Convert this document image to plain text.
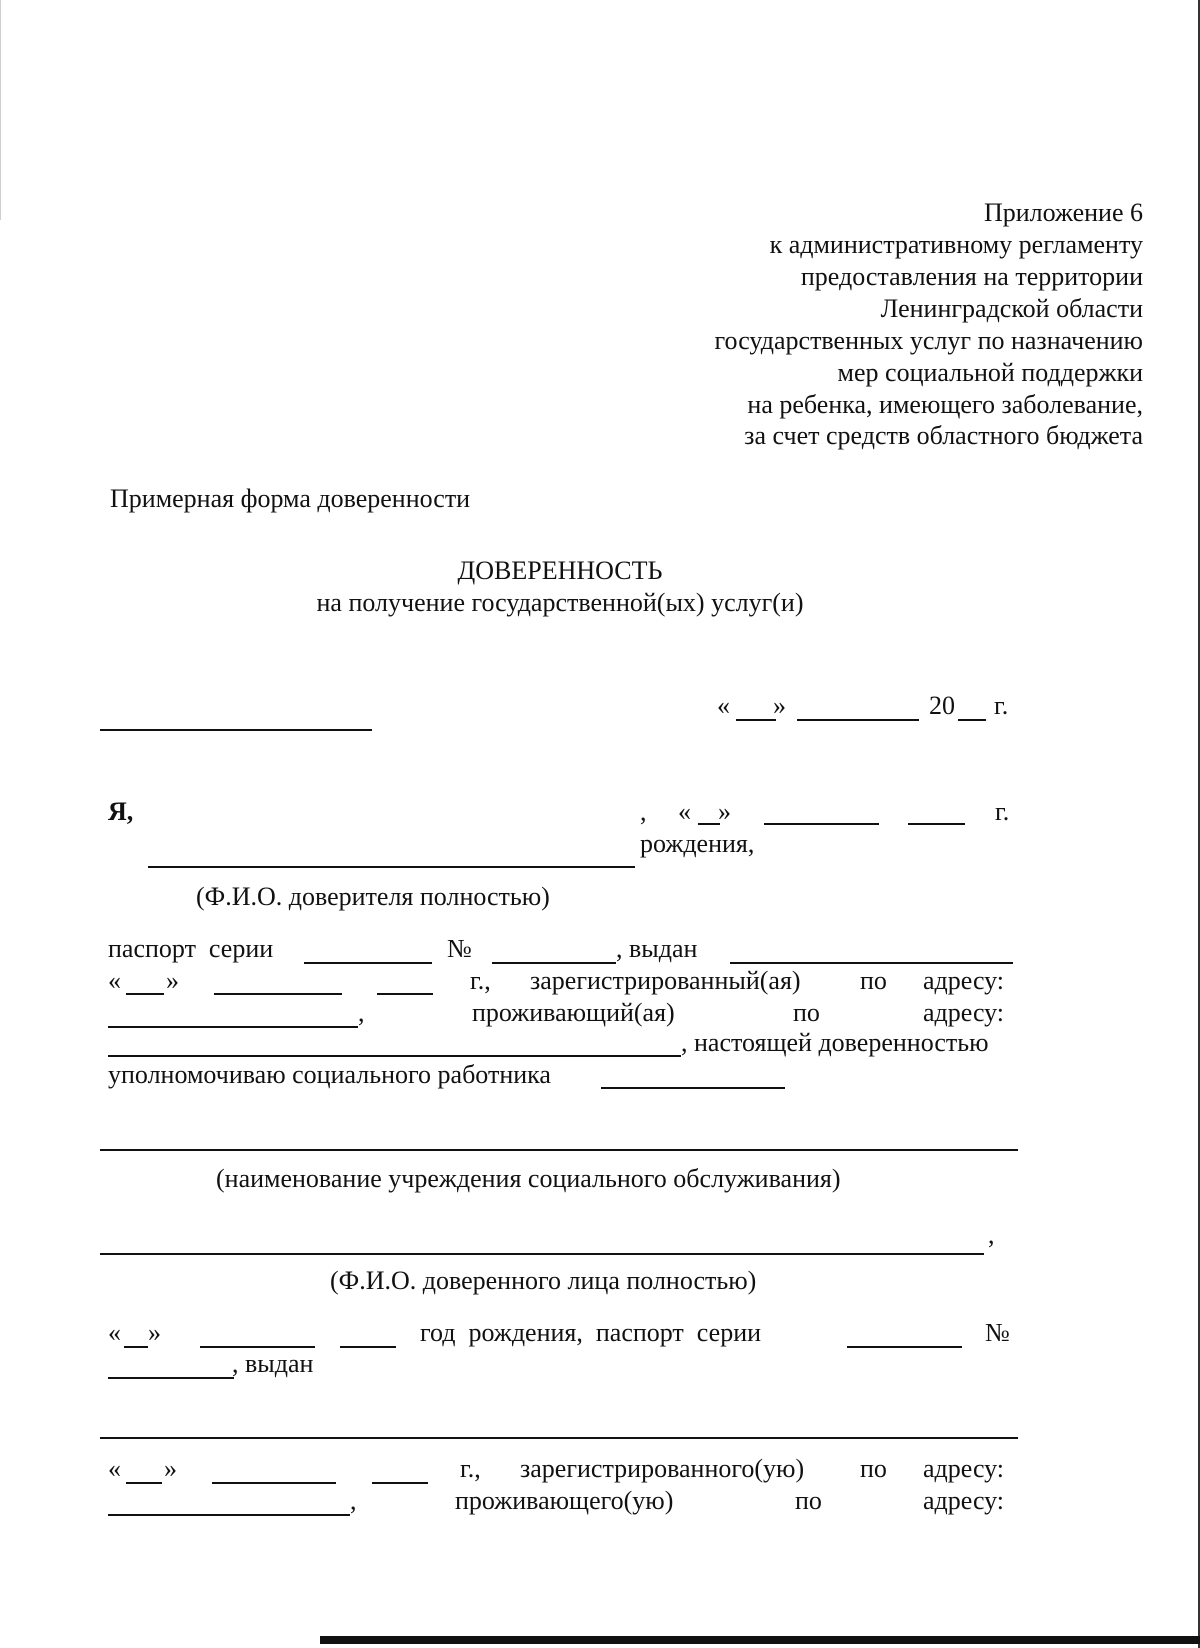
Приложение 6
к административному регламенту
предоставления на территории
Ленинградской области
государственных услуг по назначению
мер социальной поддержки
на ребенка, имеющего заболевание,
за счет средств областного бюджета
Примерная форма доверенности
ДОВЕРЕННОСТЬ
на получение государственной(ых) услуг(и)
« »	20 г.
Я,	, « »	г.
рождения,
(Ф.И.О. доверителя полностью)
паспорт  серии	№	, выдан
« »	г., зарегистрированный(ая) по адресу:
,	проживающий(ая)	по	адресу:
, настоящей доверенностью
уполномочиваю социального работника
(наименование учреждения социального обслуживания)
,
(Ф.И.О. доверенного лица полностью)
« »	год  рождения,  паспорт  серии	№
, выдан
« »	г., зарегистрированного(ую) по адресу:
,	проживающего(ую)	по	адресу:
